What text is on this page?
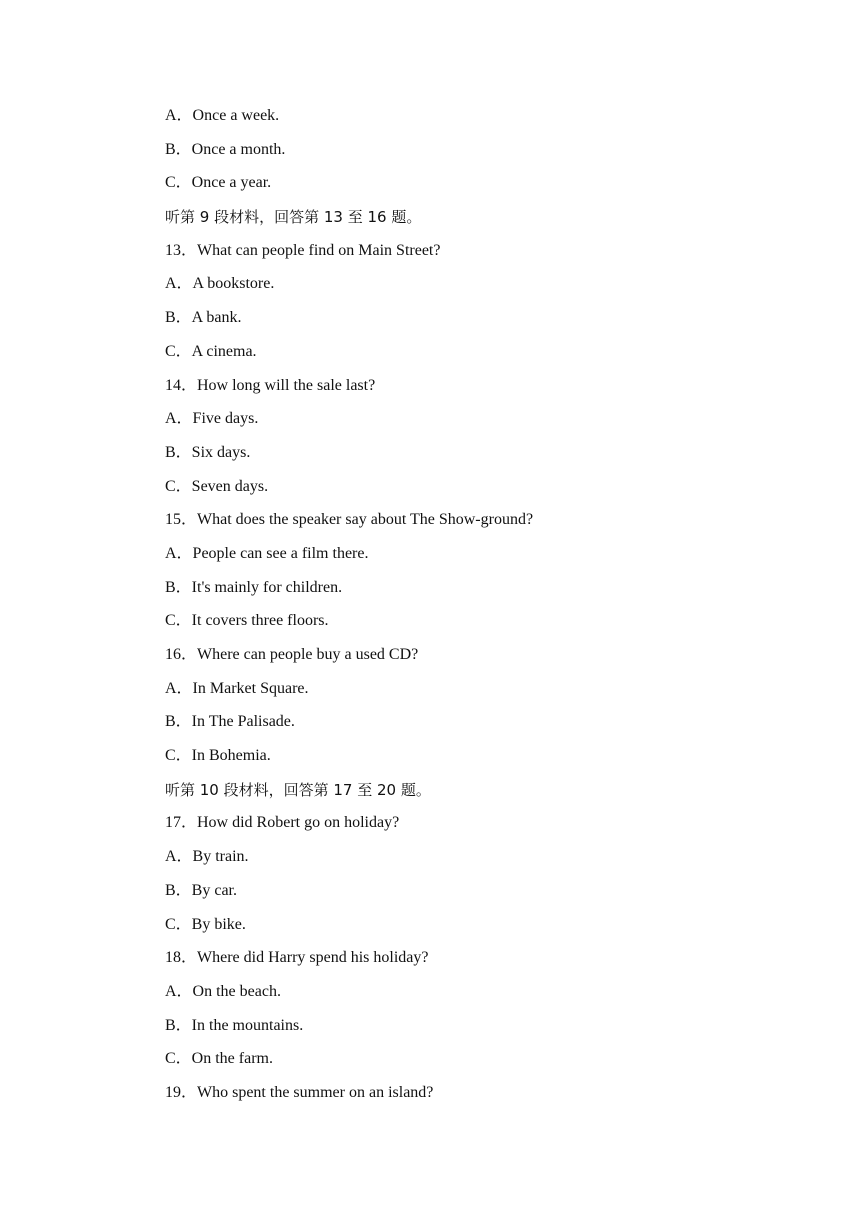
A．Once a week.
B．Once a month.
C．Once a year.
听第 9 段材料，回答第 13 至 16 题。
13．What can people find on Main Street?
A．A bookstore.
B．A bank.
C．A cinema.
14．How long will the sale last?
A．Five days.
B．Six days.
C．Seven days.
15．What does the speaker say about The Show-ground?
A．People can see a film there.
B．It's mainly for children.
C．It covers three floors.
16．Where can people buy a used CD?
A．In Market Square.
B．In The Palisade.
C．In Bohemia.
听第 10 段材料，回答第 17 至 20 题。
17．How did Robert go on holiday?
A．By train.
B．By car.
C．By bike.
18．Where did Harry spend his holiday?
A．On the beach.
B．In the mountains.
C．On the farm.
19．Who spent the summer on an island?
